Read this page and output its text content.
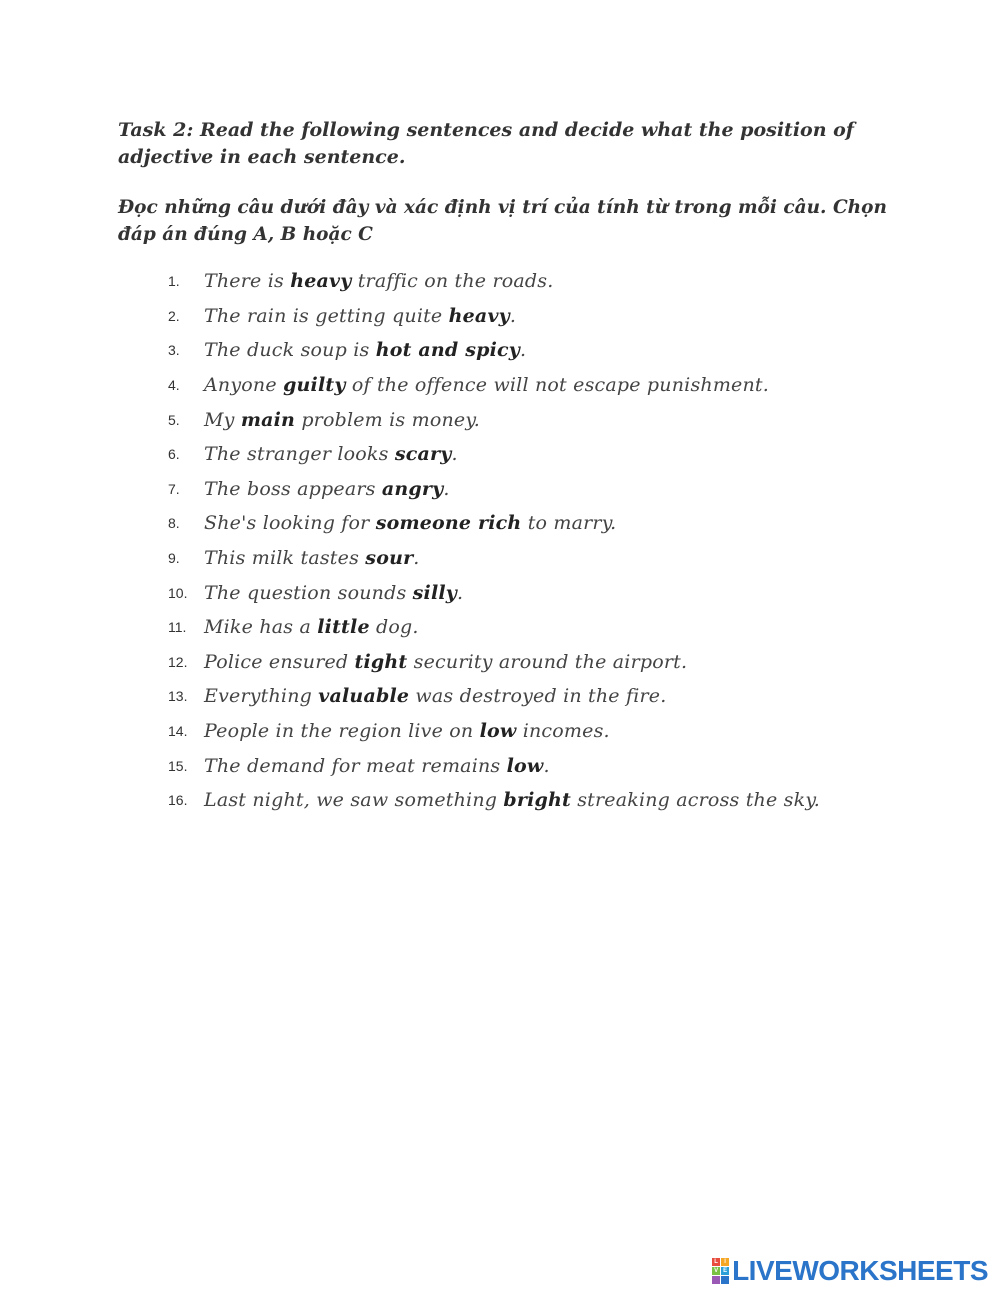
Task 2: Read the following sentences and decide what the position of adjective in each sentence.

Đọc những câu dưới đây và xác định vị trí của tính từ trong mỗi câu. Chọn đáp án đúng A, B hoặc C

1.	There is heavy traffic on the roads.
2.	The rain is getting quite heavy.
3.	The duck soup is hot and spicy.
4.	Anyone guilty of the offence will not escape punishment.
5.	My main problem is money.
6.	The stranger looks scary.
7.	The boss appears angry.
8.	She's looking for someone rich to marry.
9.	This milk tastes sour.
10. The question sounds silly.
11. Mike has a little dog.
12. Police ensured tight security around the airport.
13. Everything valuable was destroyed in the fire.
14. People in the region live on low incomes.
15. The demand for meat remains low.
16. Last night, we saw something bright streaking across the sky.
L	I
V E LIVEWORKSHEETS
